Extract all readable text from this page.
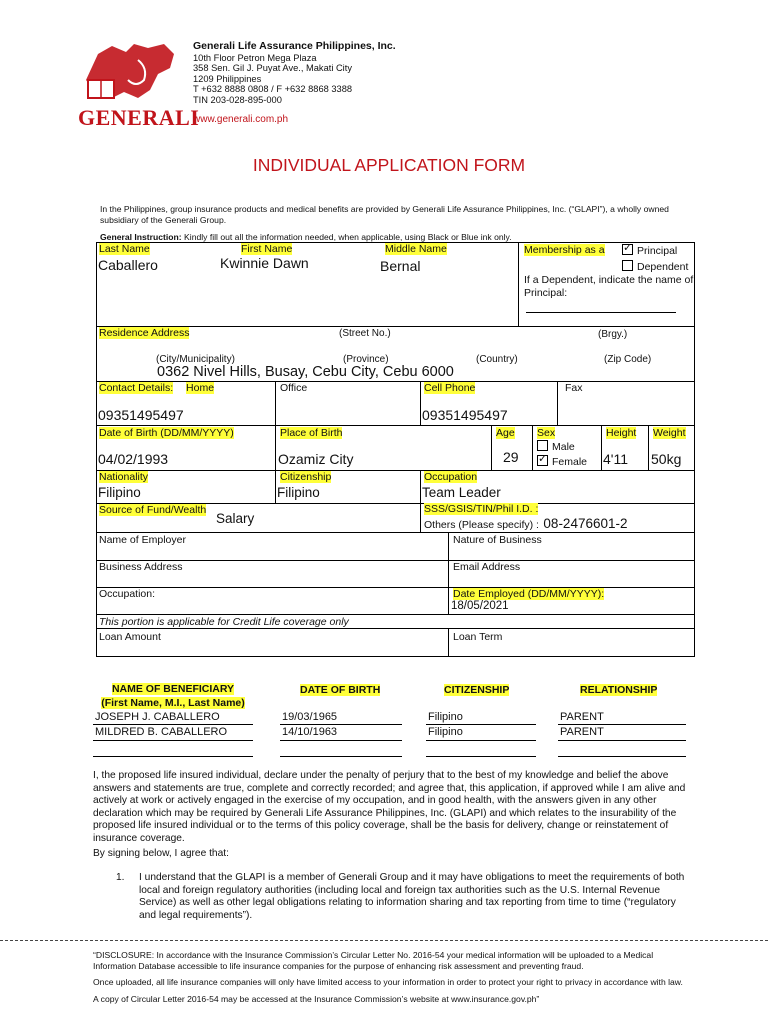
GENERALI
Generali Life Assurance Philippines, Inc.
10th Floor Petron Mega Plaza
358 Sen. Gil J. Puyat Ave., Makati City
1209 Philippines
T +632 8888 0808 / F +632 8868 3388
TIN 203-028-895-000
www.generali.com.ph
INDIVIDUAL APPLICATION FORM
In the Philippines, group insurance products and medical benefits are provided by Generali Life Assurance Philippines, Inc. (“GLAPI”), a wholly owned subsidiary of the Generali Group.
General Instruction: Kindly fill out all the information needed, when applicable, using Black or Blue ink only.
Last Name	First Name	Middle Name
Caballero	Kwinnie Dawn	Bernal
Membership as a
✓	Principal
Dependent
If a Dependent, indicate the name of Principal:
Residence Address	(Street No.)	(Brgy.)
(City/Municipality)	(Province)	(Country)	(Zip Code)
0362 Nivel Hills, Busay, Cebu City, Cebu 6000
Contact Details: Home	Office	Cell Phone	Fax
09351495497	09351495497
Date of Birth (DD/MM/YYYY)	Place of Birth	Age Sex	Height Weight
04/02/1993	Ozamiz City	29
Male
✓Female 4'11 50kg
Nationality	Citizenship	Occupation
Filipino	Filipino	Team Leader
Source of Fund/Wealth
Salary
SSS/GSIS/TIN/Phil I.D. :
Others (Please specify) : 08-2476601-2
Name of Employer	Nature of Business
Business Address	Email Address
Occupation:	Date Employed (DD/MM/YYYY):
18/05/2021
This portion is applicable for Credit Life coverage only
Loan Amount	Loan Term
NAME OF BENEFICIARY
(First Name, M.I., Last Name)
DATE OF BIRTH	CITIZENSHIP	RELATIONSHIP
JOSEPH J. CABALLERO	19/03/1965	Filipino	PARENT
MILDRED B. CABALLERO	14/10/1963	Filipino	PARENT
I, the proposed life insured individual, declare under the penalty of perjury that to the best of my knowledge and belief the above answers and statements are true, complete and correctly recorded; and agree that, this application, if approved while I am alive and actively at work or actively engaged in the exercise of my occupation, and in good health, with the answers given in any other declaration which may be required by Generali Life Assurance Philippines, Inc. (GLAPI) and which relates to the insurability of the proposed life insured individual or to the terms of this policy coverage, shall be the basis for delivery, change or reinstatement of insurance coverage.
By signing below, I agree that:
1. I understand that the GLAPI is a member of Generali Group and it may have obligations to meet the requirements of both local and foreign regulatory authorities (including local and foreign tax authorities such as the U.S. Internal Revenue Service) as well as other legal obligations relating to information sharing and tax reporting from time to time (“regulatory and legal requirements”).
“DISCLOSURE: In accordance with the Insurance Commission’s Circular Letter No. 2016-54 your medical information will be uploaded to a Medical Information Database accessible to life insurance companies for the purpose of enhancing risk assessment and preventing fraud.
Once uploaded, all life insurance companies will only have limited access to your information in order to protect your right to privacy in accordance with law.
A copy of Circular Letter 2016-54 may be accessed at the Insurance Commission’s website at www.insurance.gov.ph”
